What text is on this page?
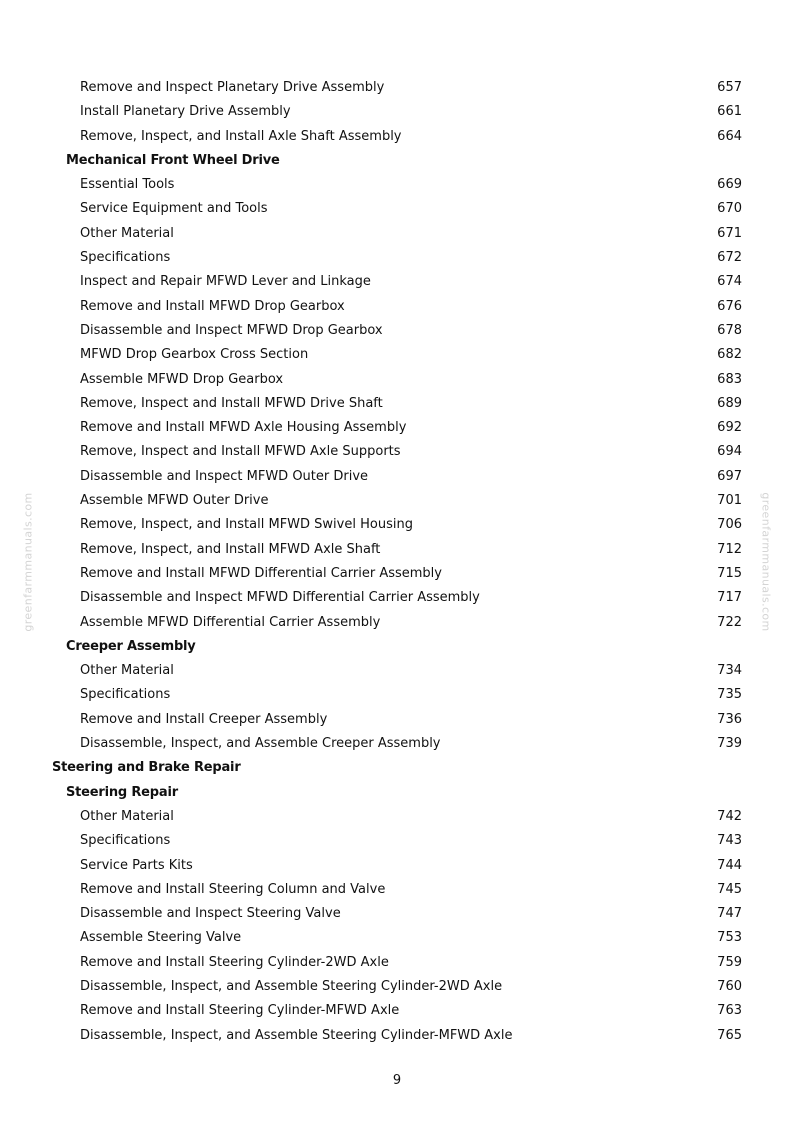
Remove and Inspect Planetary Drive Assembly	657
Install Planetary Drive Assembly	661
Remove, Inspect, and Install Axle Shaft Assembly	664
Mechanical Front Wheel Drive
Essential Tools	669
Service Equipment and Tools	670
Other Material	671
Specifications	672
Inspect and Repair MFWD Lever and Linkage	674
Remove and Install MFWD Drop Gearbox	676
Disassemble and Inspect MFWD Drop Gearbox	678
MFWD Drop Gearbox Cross Section	682
Assemble MFWD Drop Gearbox	683
Remove, Inspect and Install MFWD Drive Shaft	689
Remove and Install MFWD Axle Housing Assembly	692
Remove, Inspect and Install MFWD Axle Supports	694
Disassemble and Inspect MFWD Outer Drive	697
Assemble MFWD Outer Drive	701
Remove, Inspect, and Install MFWD Swivel Housing	706
Remove, Inspect, and Install MFWD Axle Shaft	712
Remove and Install MFWD Differential Carrier Assembly	715
Disassemble and Inspect MFWD Differential Carrier Assembly	717
Assemble MFWD Differential Carrier Assembly	722
Creeper Assembly
Other Material	734
Specifications	735
Remove and Install Creeper Assembly	736
Disassemble, Inspect, and Assemble Creeper Assembly	739
Steering and Brake Repair
Steering Repair
Other Material	742
Specifications	743
Service Parts Kits	744
Remove and Install Steering Column and Valve	745
Disassemble and Inspect Steering Valve	747
Assemble Steering Valve	753
Remove and Install Steering Cylinder-2WD Axle	759
Disassemble, Inspect, and Assemble Steering Cylinder-2WD Axle	760
Remove and Install Steering Cylinder-MFWD Axle	763
Disassemble, Inspect, and Assemble Steering Cylinder-MFWD Axle	765
9
greenfarmmanuals.com	greenfarmmanuals.com
